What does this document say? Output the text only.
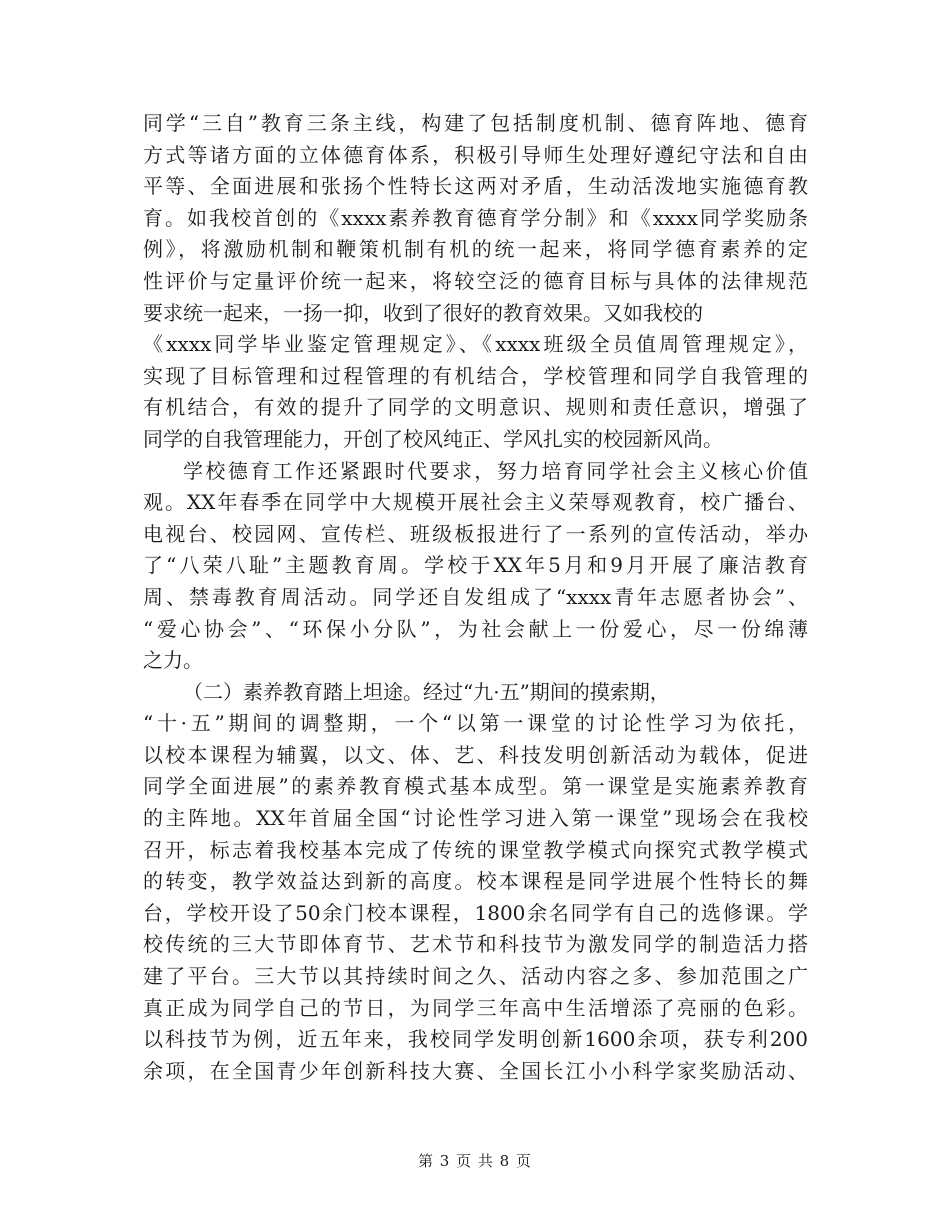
同学“三自”教育三条主线，构建了包括制度机制、德育阵地、德育
方式等诸方面的立体德育体系，积极引导师生处理好遵纪守法和自由
平等、全面进展和张扬个性特长这两对矛盾，生动活泼地实施德育教
育。如我校首创的《xxxx素养教育德育学分制》和《xxxx同学奖励条
例》，将激励机制和鞭策机制有机的统一起来，将同学德育素养的定
性评价与定量评价统一起来，将较空泛的德育目标与具体的法律规范
要求统一起来，一扬一抑，收到了很好的教育效果。又如我校的
《xxxx同学毕业鉴定管理规定》、《xxxx班级全员值周管理规定》，
实现了目标管理和过程管理的有机结合，学校管理和同学自我管理的
有机结合，有效的提升了同学的文明意识、规则和责任意识，增强了
同学的自我管理能力，开创了校风纯正、学风扎实的校园新风尚。
学校德育工作还紧跟时代要求，努力培育同学社会主义核心价值
观。XX年春季在同学中大规模开展社会主义荣辱观教育，校广播台、
电视台、校园网、宣传栏、班级板报进行了一系列的宣传活动，举办
了“八荣八耻”主题教育周。学校于XX年5月和9月开展了廉洁教育
周、禁毒教育周活动。同学还自发组成了“xxxx青年志愿者协会”、
“爱心协会”、“环保小分队”，为社会献上一份爱心，尽一份绵薄
之力。
（二）素养教育踏上坦途。经过“九·五”期间的摸索期，
“十·五”期间的调整期，一个“以第一课堂的讨论性学习为依托，
以校本课程为辅翼，以文、体、艺、科技发明创新活动为载体，促进
同学全面进展”的素养教育模式基本成型。第一课堂是实施素养教育
的主阵地。XX年首届全国“讨论性学习进入第一课堂”现场会在我校
召开，标志着我校基本完成了传统的课堂教学模式向探究式教学模式
的转变，教学效益达到新的高度。校本课程是同学进展个性特长的舞
台，学校开设了50余门校本课程，1800余名同学有自己的选修课。学
校传统的三大节即体育节、艺术节和科技节为激发同学的制造活力搭
建了平台。三大节以其持续时间之久、活动内容之多、参加范围之广
真正成为同学自己的节日，为同学三年高中生活增添了亮丽的色彩。
以科技节为例，近五年来，我校同学发明创新1600余项，获专利200
余项，在全国青少年创新科技大赛、全国长江小小科学家奖励活动、
第 3 页 共 8 页
